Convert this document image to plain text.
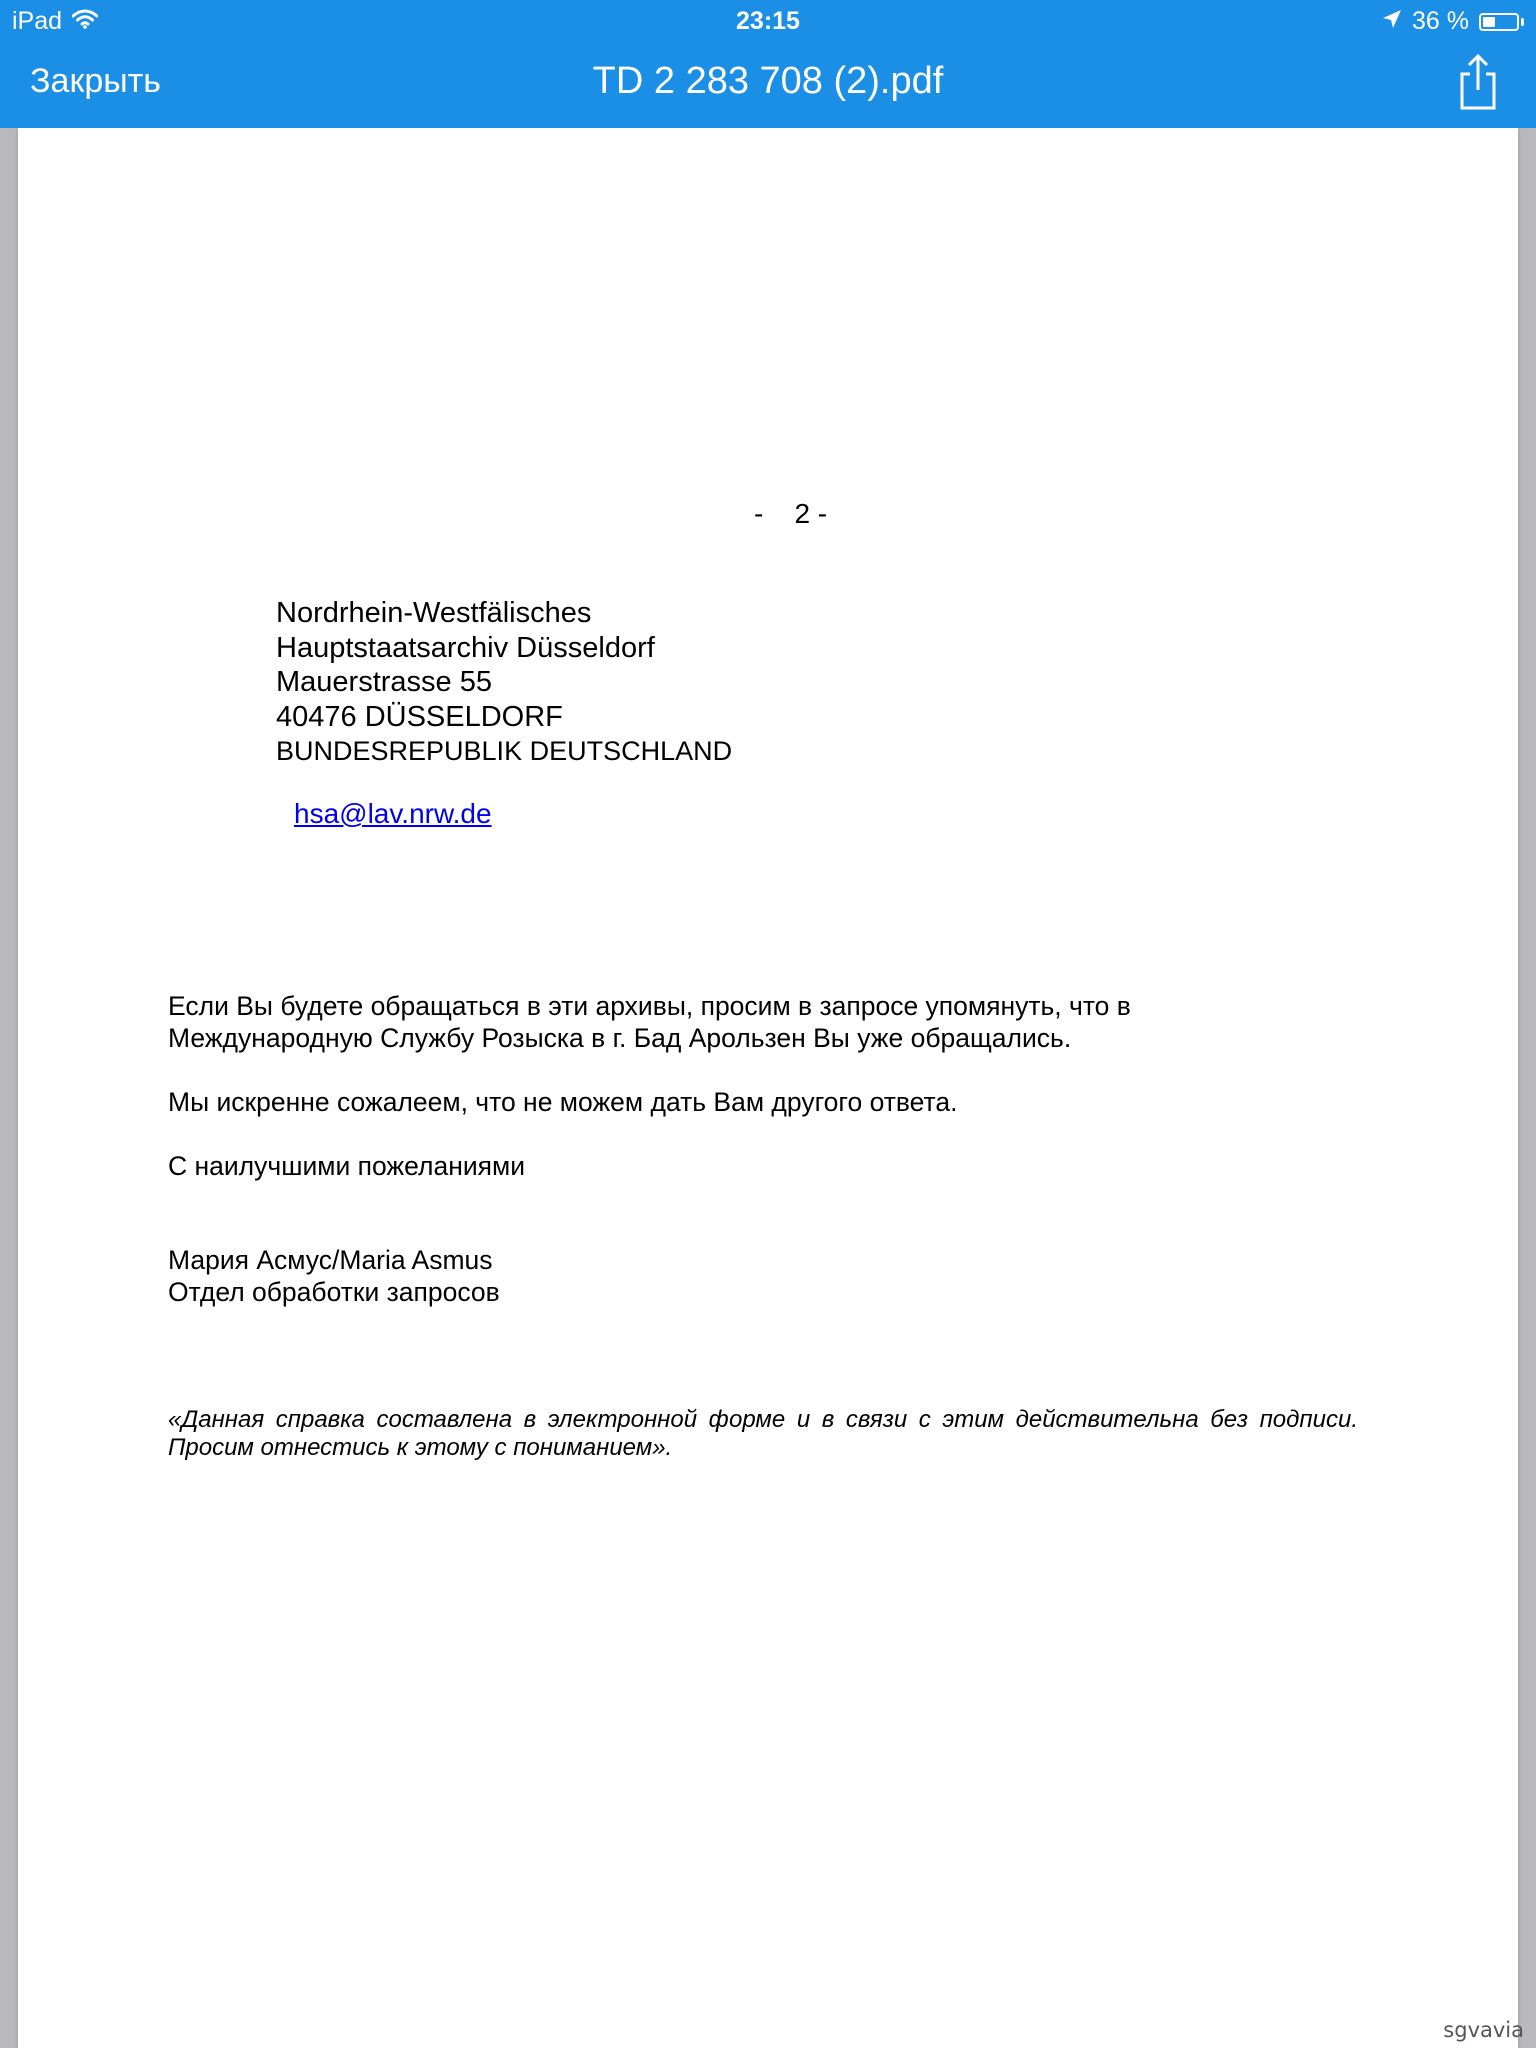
iPad	23:15	36 %
Закрыть	TD 2 283 708 (2).pdf
-    2 -
Nordrhein-Westfälisches
Hauptstaatsarchiv Düsseldorf
Mauerstrasse 55
40476 DÜSSELDORF
BUNDESREPUBLIK DEUTSCHLAND
hsa@lav.nrw.de
Если Вы будете обращаться в эти архивы, просим в запросе упомянуть, что в
Международную Службу Розыска в г. Бад Арользен Вы уже обращались.
Мы искренне сожалеем, что не можем дать Вам другого ответа.
С наилучшими пожеланиями
Мария Асмус/Maria Asmus
Отдел обработки запросов
«Данная справка составлена в электронной форме и в связи с этим действительна без подписи. Просим отнестись к этому с пониманием».
sgvavia
